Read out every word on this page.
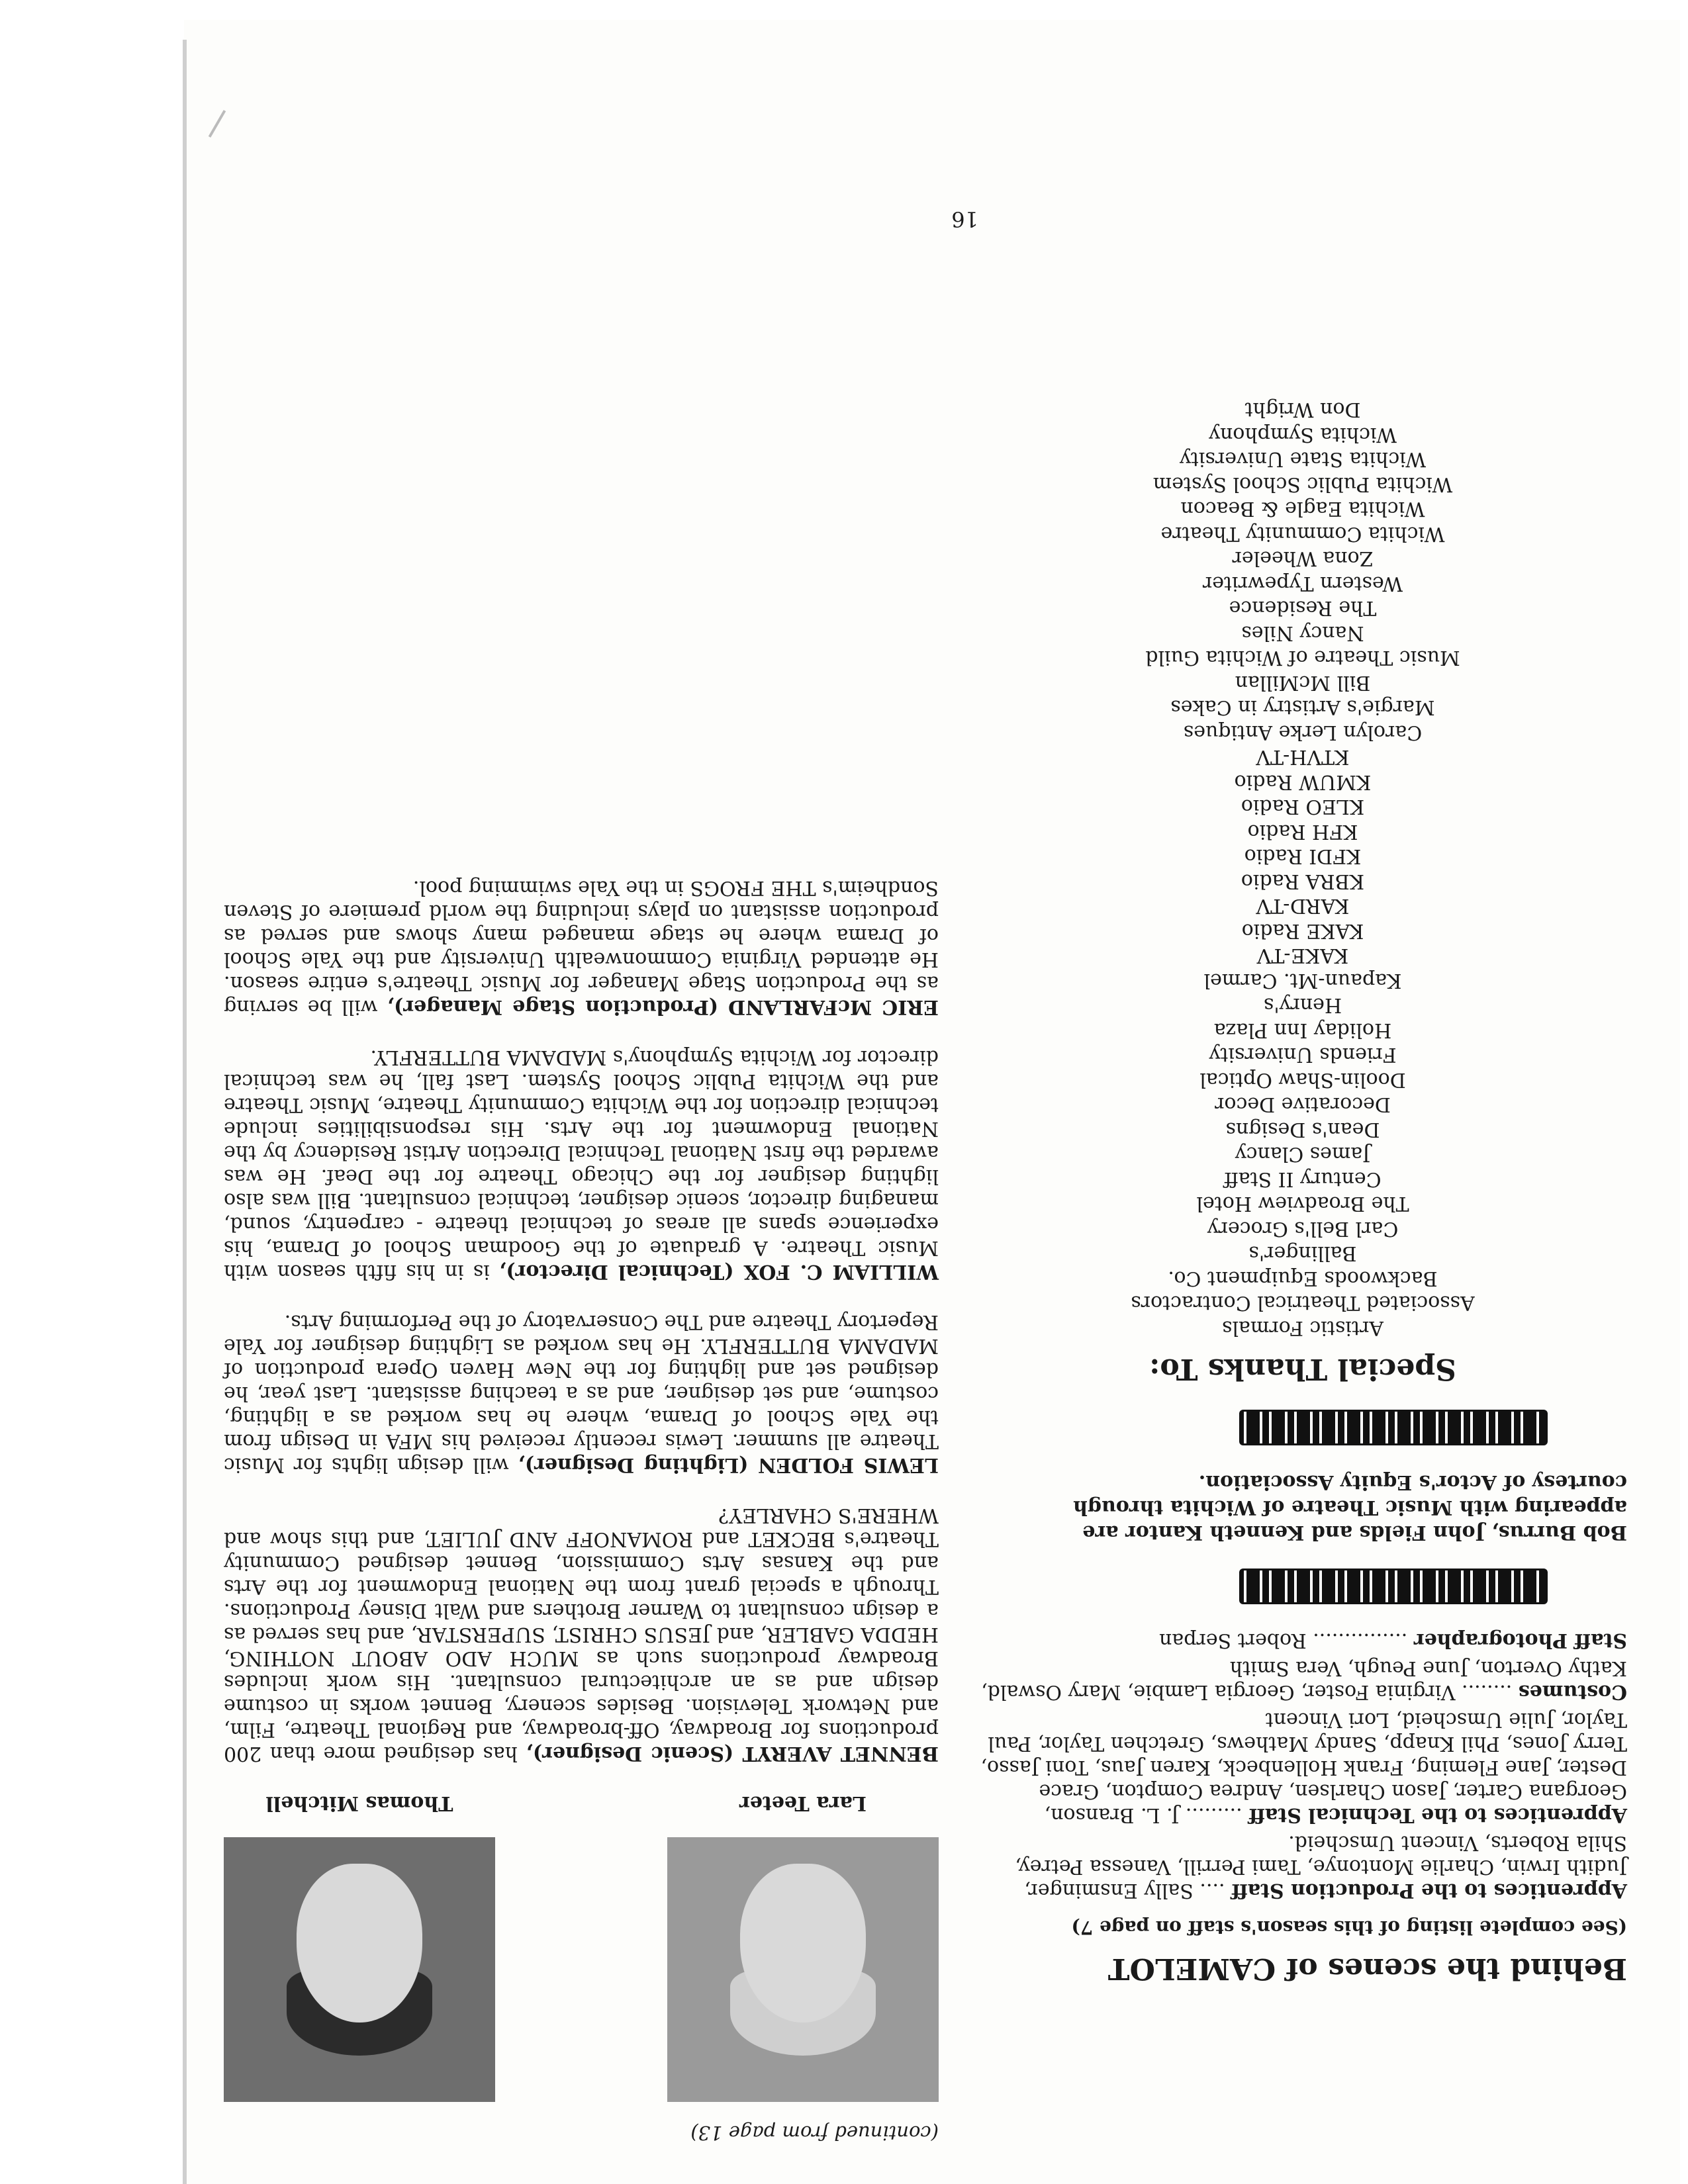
Behind the scenes of CAMELOT

(See complete listing of this season's staff on page 7)

Apprentices to the Production Staff .... Sally Ensminger, Judith Irwin, Charlie Montonye, Tami Perrill, Vanessa Petrey, Shila Roberts, Vincent Umscheid.

Apprentices to the Technical Staff ......... J. L. Branson, Georgana Carter, Jason Charlsen, Andrea Compton, Grace Dester, Jane Fleming, Frank Hollenbeck, Karen Jaus, Toni Jasso, Terry Jones, Phil Knapp, Sandy Mathews, Gretchen Taylor, Paul Taylor, Julie Umscheid, Lori Vincent

Costumes ........ Virginia Foster, Georgia Lambie, Mary Oswald, Kathy Overton, June Peugh, Vera Smith

Staff Photographer ............... Robert Serpan

Bob Burrus, John Fields and Kenneth Kantor are appearing with Music Theatre of Wichita through courtesy of Actor's Equity Association.

Special Thanks To:
Artistic Formals
Associated Theatrical Contractors
Backwoods Equipment Co.
Ballinger's
Carl Bell's Grocery
The Broadview Hotel
Century II Staff
James Clancy
Dean's Designs
Decorative Decor
Doolin-Shaw Optical
Friends University
Holiday Inn Plaza
Henry's
Kapaun-Mt. Carmel
KAKE-TV
KAKE Radio
KARD-TV
KBRA Radio
KFDI Radio
KFH Radio
KLEO Radio
KMUW Radio
KTVH-TV
Carolyn Lerke Antiques
Margie's Artistry in Cakes
Bill McMillan
Music Theatre of Wichita Guild
Nancy Niles
The Residence
Western Typewriter
Zona Wheeler
Wichita Community Theatre
Wichita Eagle & Beacon
Wichita Public School System
Wichita State University
Wichita Symphony
Don Wright

(continued from page 13)

Lara Teeter
Thomas Mitchell

BENNET AVERYT (Scenic Designer), has designed more than 200 productions for Broadway, Off-broadway, and Regional Theatre, Film, and Network Television. Besides scenery, Bennet works in costume design and as an architectural consultant. His work includes Broadway productions such as MUCH ADO ABOUT NOTHING, HEDDA GABLER, and JESUS CHRIST, SUPERSTAR, and has served as a design consultant to Warner Brothers and Walt Disney Productions. Through a special grant from the National Endowment for the Arts and the Kansas Arts Commission, Bennet designed Community Theatre's BECKET and ROMANOFF AND JULIET, and this show and WHERE'S CHARLEY?

LEWIS FOLDEN (Lighting Designer), will design lights for Music Theatre all summer. Lewis recently received his MFA in Design from the Yale School of Drama, where he has worked as a lighting, costume, and set designer, and as a teaching assistant. Last year, he designed set and lighting for the New Haven Opera production of MADAMA BUTTERFLY. He has worked as Lighting designer for Yale Repertory Theatre and The Conservatory of the Performing Arts.

WILLIAM C. FOX (Technical Director), is in his fifth season with Music Theatre. A graduate of the Goodman School of Drama, his experience spans all areas of technical theatre - carpentry, sound, managing director, scenic designer, technical consultant. Bill was also lighting designer for the Chicago Theatre for the Deaf. He was awarded the first National Technical Direction Artist Residency by the National Endowment for the Arts. His responsibilities include technical direction for the Wichita Community Theatre, Music Theatre and the Wichita Public School System. Last fall, he was technical director for Wichita Symphony's MADAMA BUTTERFLY.

ERIC McFARLAND (Production Stage Manager), will be serving as the Production Stage Manager for Music Theatre's entire season. He attended Virginia Commonwealth University and the Yale School of Drama where he stage managed many shows and served as production assistant on plays including the world premiere of Steven Sondheim's THE FROGS in the Yale swimming pool.

16
